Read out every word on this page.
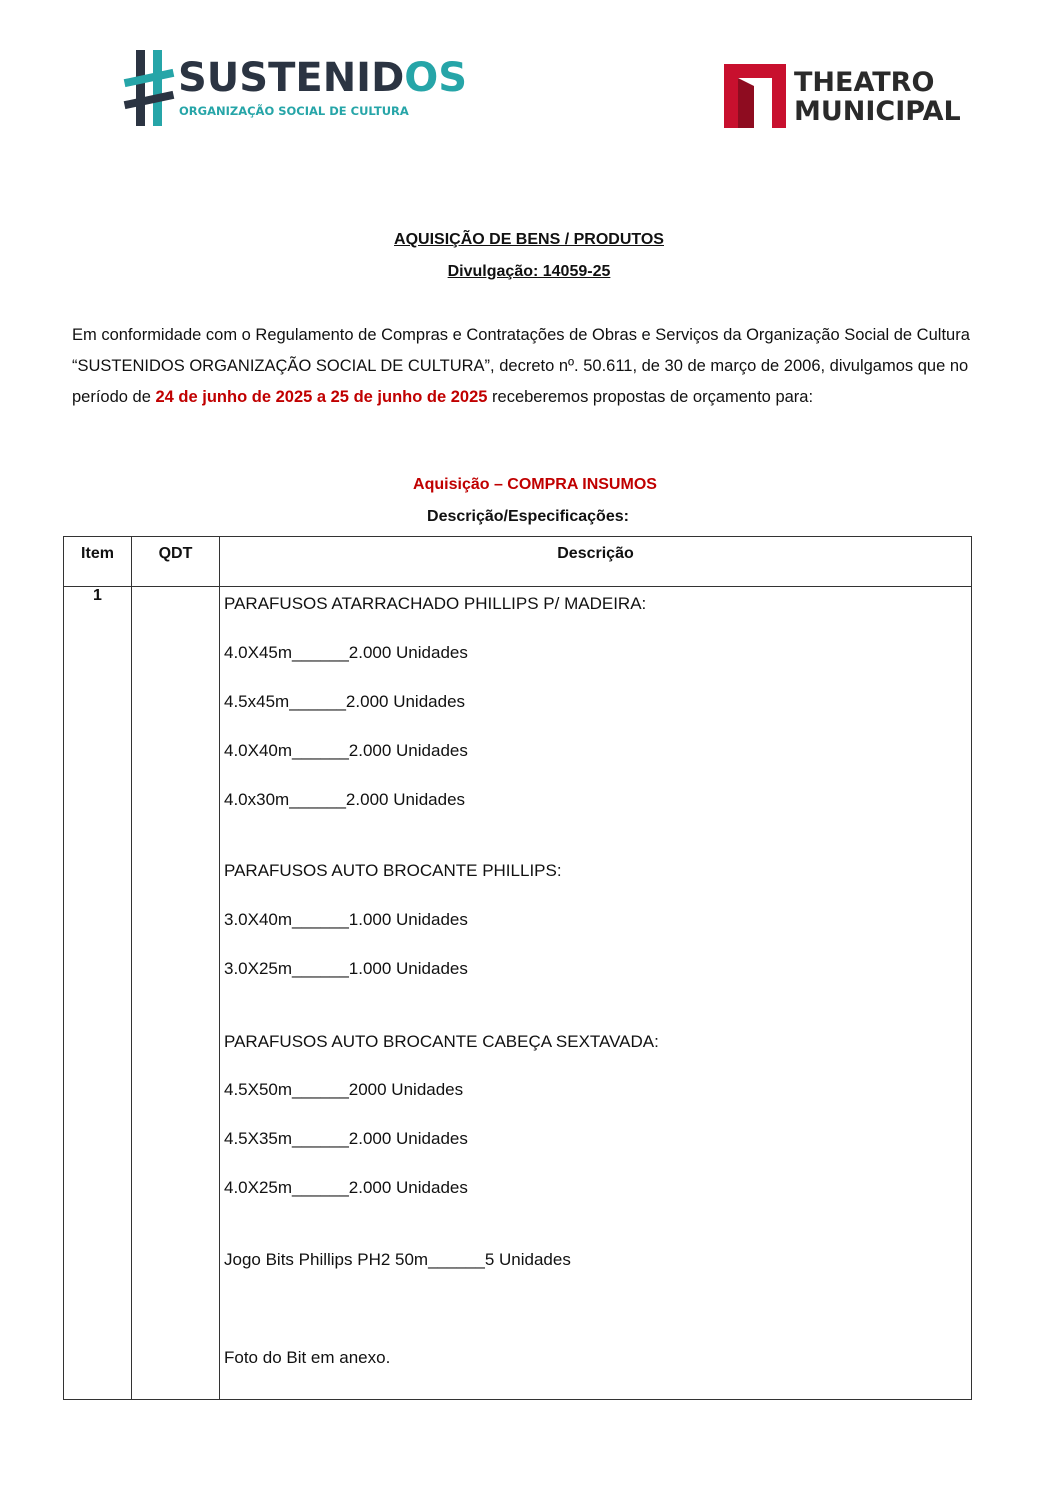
SUSTENIDOS
ORGANIZAÇÃO SOCIAL DE CULTURA
THEATRO
MUNICIPAL
AQUISIÇÃO DE BENS / PRODUTOS
Divulgação: 14059-25
Em conformidade com o Regulamento de Compras e Contratações de Obras e Serviços da Organização Social de Cultura “SUSTENIDOS ORGANIZAÇÃO SOCIAL DE CULTURA”, decreto nº. 50.611, de 30 de março de 2006, divulgamos que no período de 24 de junho de 2025 a 25 de junho de 2025 receberemos propostas de orçamento para:
Aquisição – COMPRA INSUMOS
Descrição/Especificações:
Item	QDT	Descrição
1			PARAFUSOS ATARRACHADO PHILLIPS P/ MADEIRA:
4.0X45m______2.000 Unidades
4.5x45m______2.000 Unidades
4.0X40m______2.000 Unidades
4.0x30m______2.000 Unidades
PARAFUSOS AUTO BROCANTE PHILLIPS:
3.0X40m______1.000 Unidades
3.0X25m______1.000 Unidades
PARAFUSOS AUTO BROCANTE CABEÇA SEXTAVADA:
4.5X50m______2000 Unidades
4.5X35m______2.000 Unidades
4.0X25m______2.000 Unidades
Jogo Bits Phillips PH2 50m______5 Unidades
Foto do Bit em anexo.
